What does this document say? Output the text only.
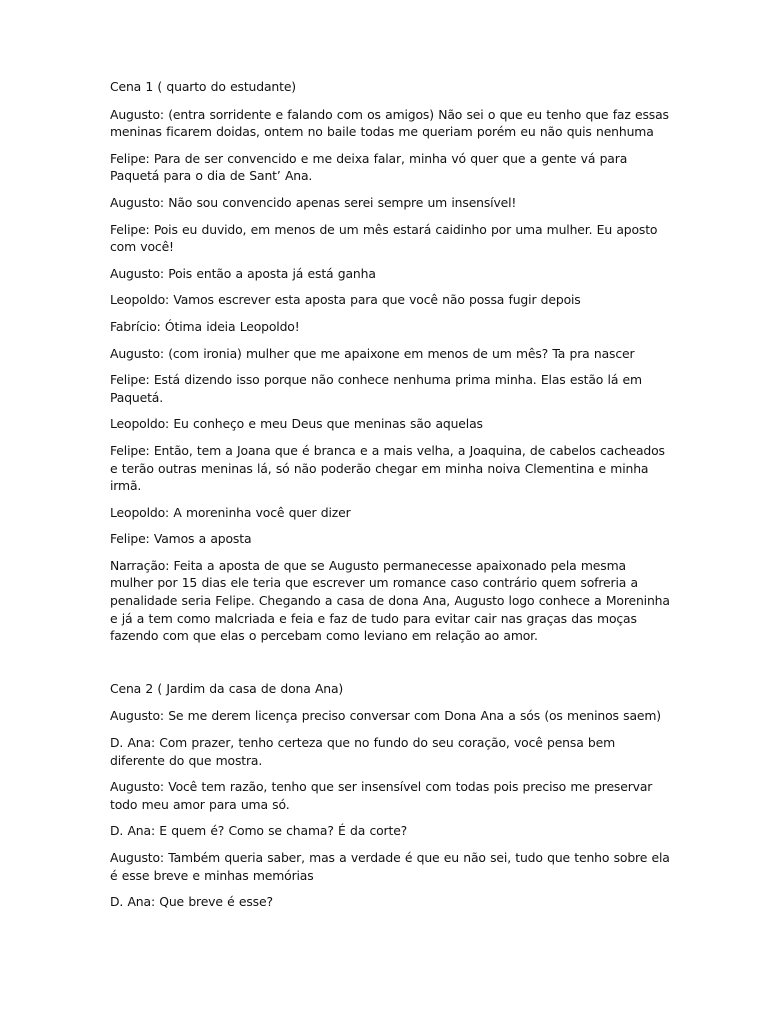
Cena 1 ( quarto do estudante)

Augusto: (entra sorridente e falando com os amigos) Não sei o que eu tenho que faz essas meninas ficarem doidas, ontem no baile todas me queriam porém eu não quis nenhuma

Felipe: Para de ser convencido e me deixa falar, minha vó quer que a gente vá para Paquetá para o dia de Sant’ Ana.

Augusto: Não sou convencido apenas serei sempre um insensível!

Felipe: Pois eu duvido, em menos de um mês estará caidinho por uma mulher. Eu aposto com você!

Augusto: Pois então a aposta já está ganha

Leopoldo: Vamos escrever esta aposta para que você não possa fugir depois

Fabrício: Ótima ideia Leopoldo!

Augusto: (com ironia) mulher que me apaixone em menos de um mês? Ta pra nascer

Felipe: Está dizendo isso porque não conhece nenhuma prima minha. Elas estão lá em Paquetá.

Leopoldo: Eu conheço e meu Deus que meninas são aquelas

Felipe: Então, tem a Joana que é branca e a mais velha, a Joaquina, de cabelos cacheados e terão outras meninas lá, só não poderão chegar em minha noiva Clementina e minha irmã.

Leopoldo: A moreninha você quer dizer

Felipe: Vamos a aposta

Narração: Feita a aposta de que se Augusto permanecesse apaixonado pela mesma mulher por 15 dias ele teria que escrever um romance caso contrário quem sofreria a penalidade seria Felipe. Chegando a casa de dona Ana, Augusto logo conhece a Moreninha e já a tem como malcriada e feia e faz de tudo para evitar cair nas graças das moças fazendo com que elas o percebam como leviano em relação ao amor.

Cena 2 ( Jardim da casa de dona Ana)

Augusto: Se me derem licença preciso conversar com Dona Ana a sós (os meninos saem)

D. Ana: Com prazer, tenho certeza que no fundo do seu coração, você pensa bem diferente do que mostra.

Augusto: Você tem razão, tenho que ser insensível com todas pois preciso me preservar todo meu amor para uma só.

D. Ana: E quem é? Como se chama? É da corte?

Augusto: Também queria saber, mas a verdade é que eu não sei, tudo que tenho sobre ela é esse breve e minhas memórias

D. Ana: Que breve é esse?
